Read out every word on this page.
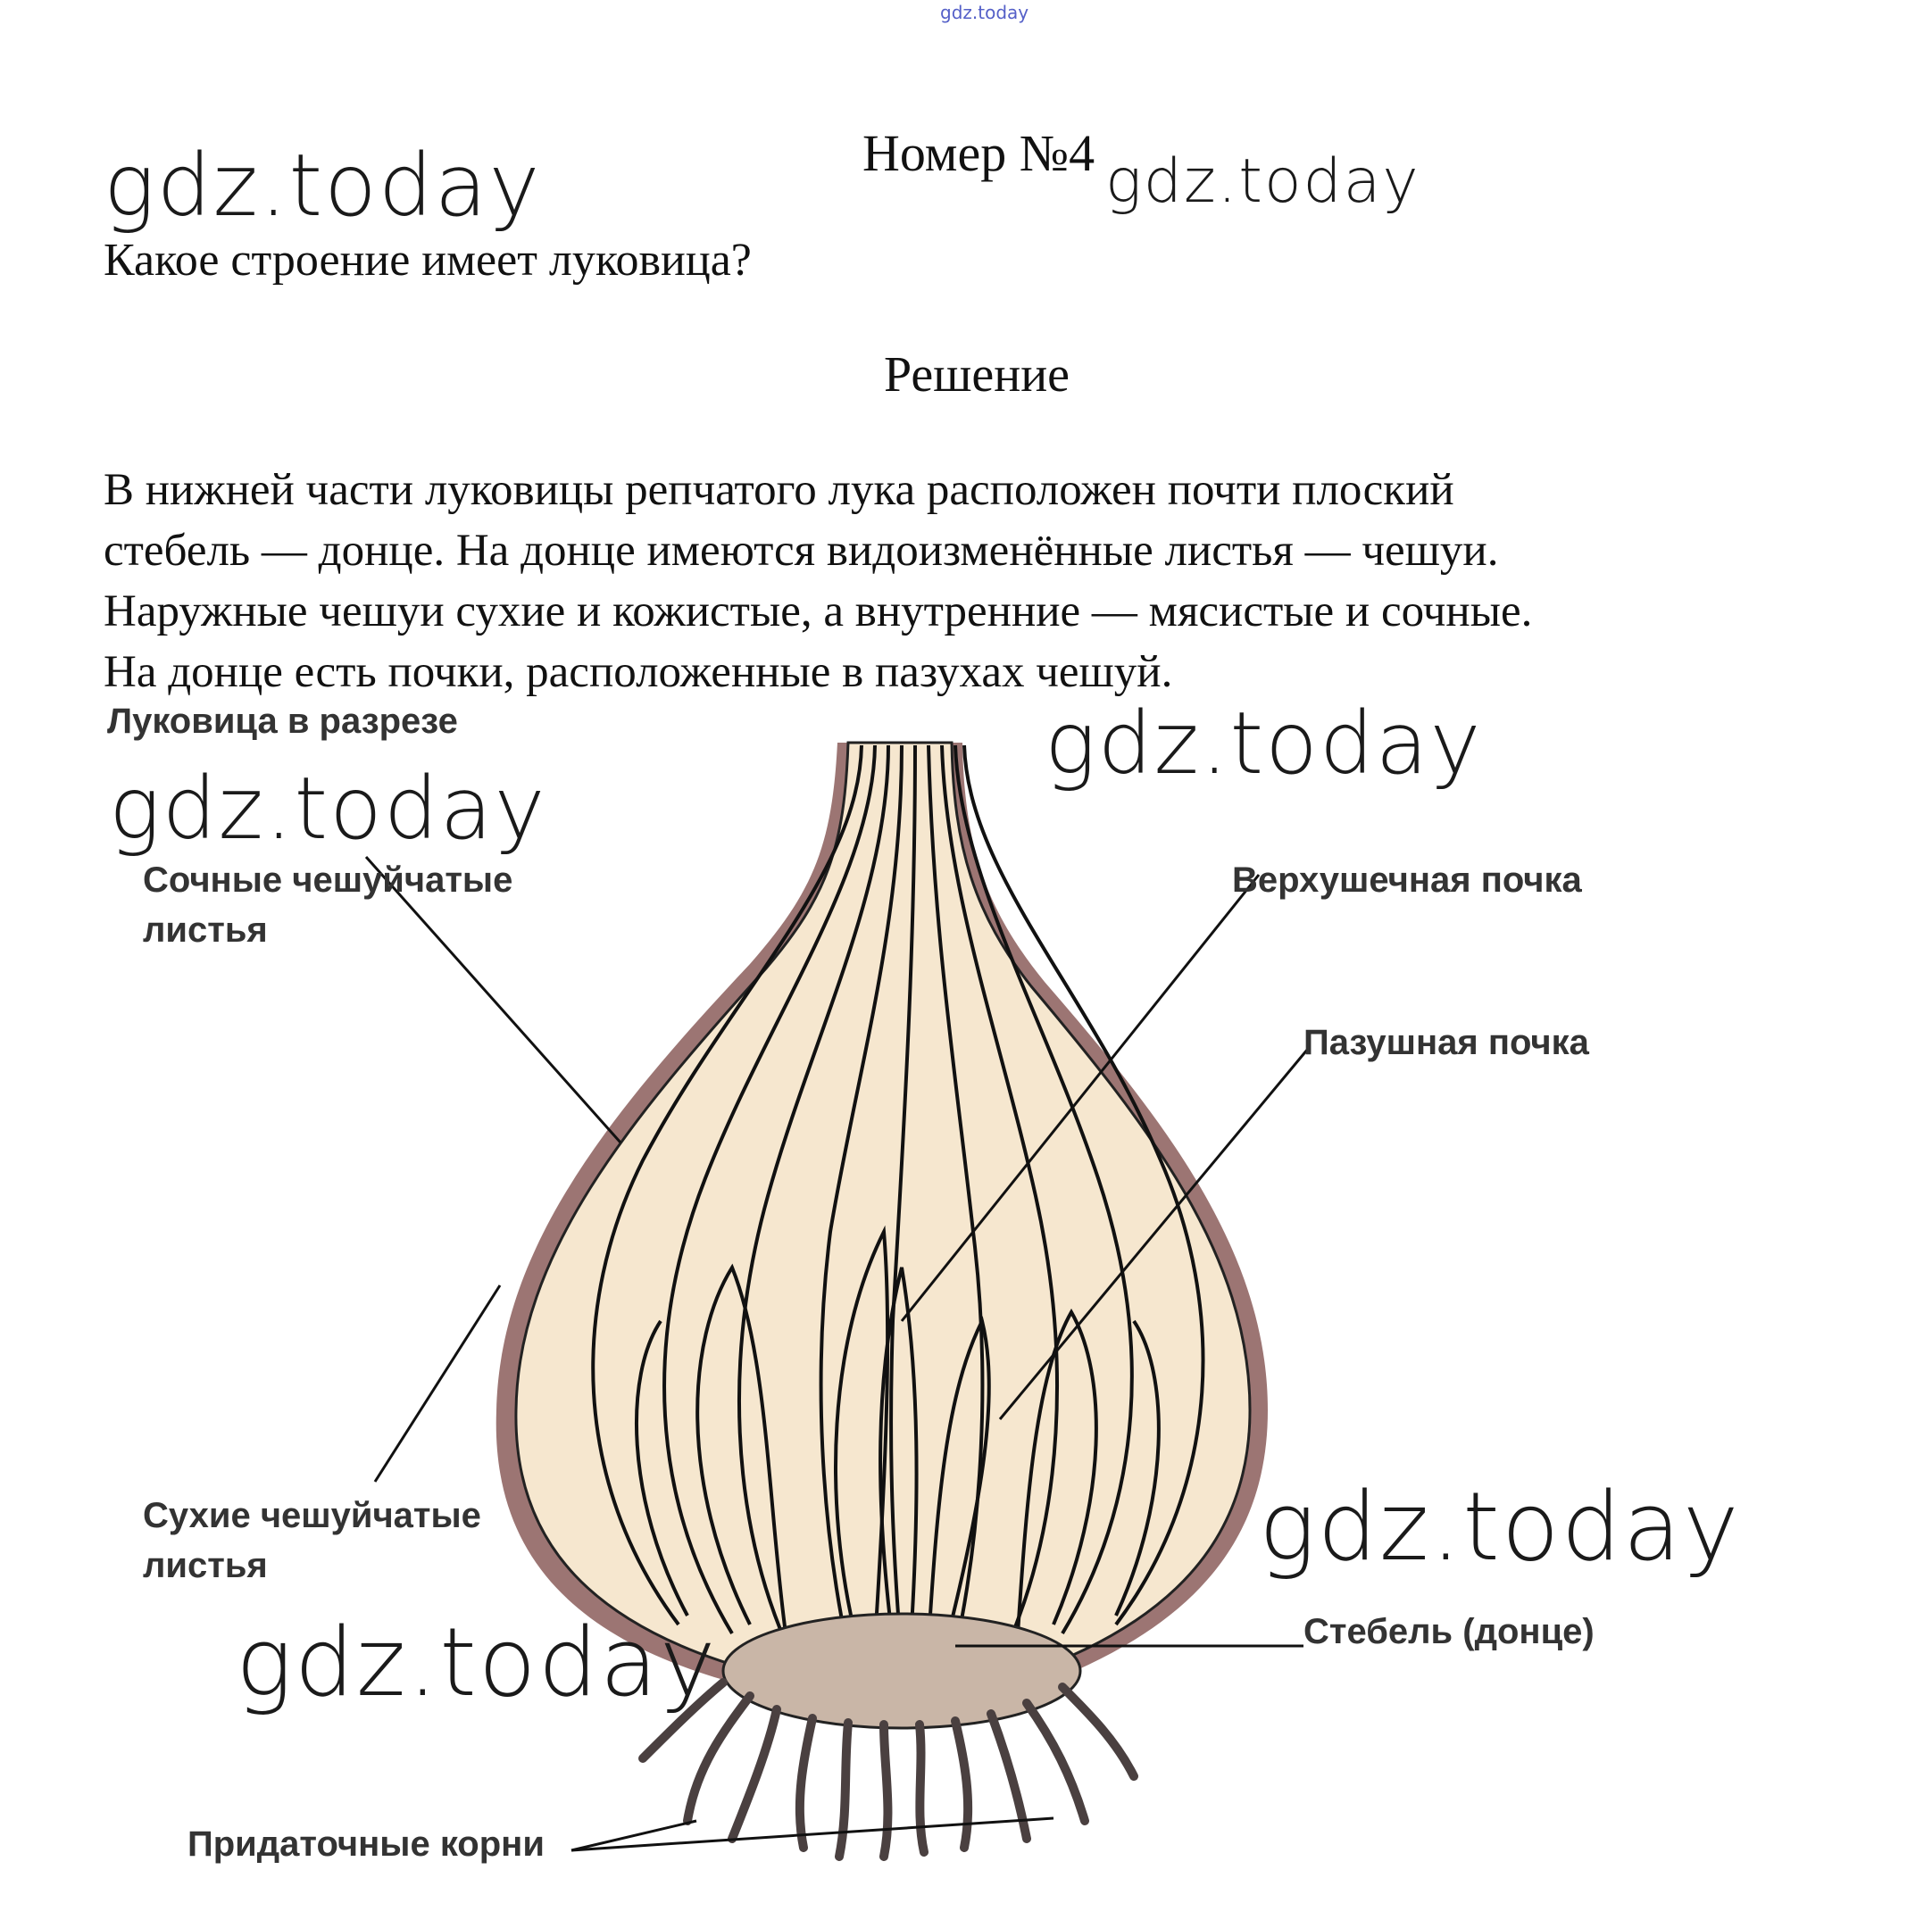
gdz.today
gdz.today	gdz.today
Номер №4
Какое строение имеет луковица?
Решение

В нижней части луковицы репчатого лука расположен почти плоский

стебель — донце. На донце имеются видоизменённые листья — чешуи.

Наружные чешуи сухие и кожистые, а внутренние — мясистые и сочные.

На донце есть почки, расположенные в пазухах чешуй.

Луковица в разрезе
Сочные чешуйчатые
листья
Верхушечная почка
Пазушная почка
Сухие чешуйчатые
листья
Стебель (донце)
Придаточные корни
gdz.today
gdz.today
gdz.today
gdz.today
